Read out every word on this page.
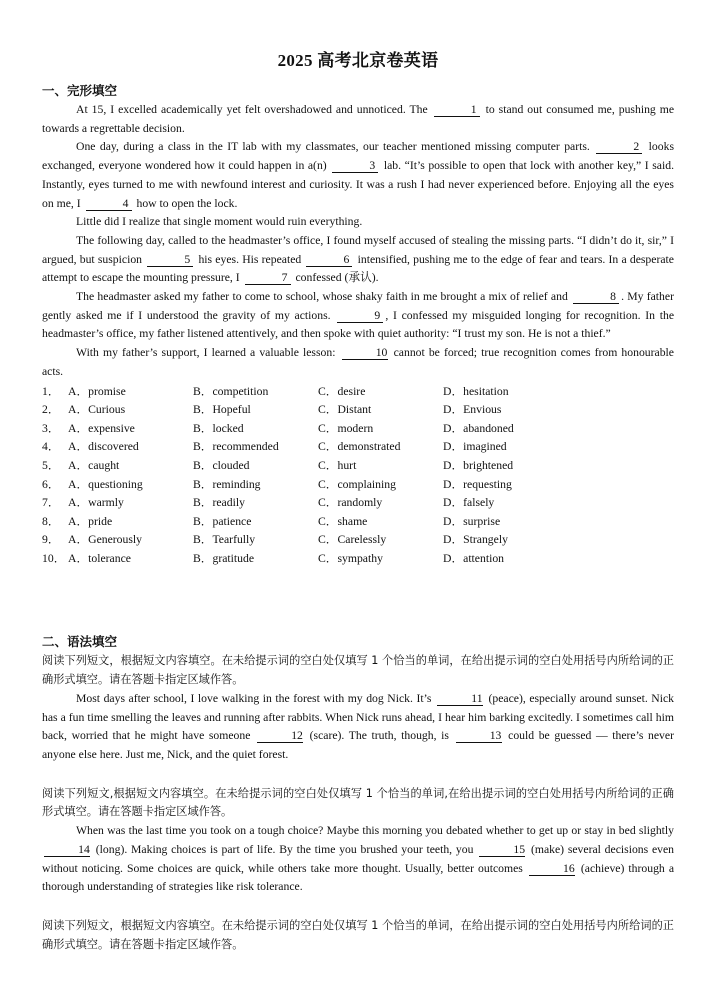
2025 高考北京卷英语
一、完形填空

At 15, I excelled academically yet felt overshadowed and unnoticed. The	1 to stand out consumed me, pushing me towards a regrettable decision.

One day, during a class in the IT lab with my classmates, our teacher mentioned missing computer parts.	2 looks exchanged, everyone wondered how it could happen in a(n)	3 lab. “It’s possible to open that lock with another key,” I said. Instantly, eyes turned to me with newfound interest and curiosity. It was a rush I had never experienced before. Enjoying all the eyes on me, I	4 how to open the lock.

Little did I realize that single moment would ruin everything.

The following day, called to the headmaster’s office, I found myself accused of stealing the missing parts. “I didn’t do it, sir,” I argued, but suspicion	5 his eyes. His repeated	6 intensified, pushing me to the edge of fear and tears. In a desperate attempt to escape the mounting pressure, I	7 confessed (承认).

The headmaster asked my father to come to school, whose shaky faith in me brought a mix of relief and	8 . My father gently asked me if I understood the gravity of my actions.	9 , I confessed my misguided longing for recognition. In the headmaster’s office, my father listened attentively, and then spoke with quiet authority: “I trust my son. He is not a thief.”

With my father’s support, I learned a valuable lesson:	10 cannot be forced; true recognition comes from honourable acts.

1． A．promise	B．competition	C．desire	D．hesitation
2． A．Curious	B．Hopeful	C．Distant	D．Envious
3． A．expensive	B．locked	C．modern	D．abandoned
4． A．discovered	B．recommended	C．demonstrated	D．imagined
5． A．caught	B．clouded	C．hurt	D．brightened
6． A．questioning	B．reminding	C．complaining	D．requesting
7． A．warmly	B．readily	C．randomly	D．falsely
8． A．pride	B．patience	C．shame	D．surprise
9． A．Generously	B．Tearfully	C．Carelessly	D．Strangely
10． A．tolerance	B．gratitude	C．sympathy	D．attention
二、语法填空

阅读下列短文，根据短文内容填空。在未给提示词的空白处仅填写 1 个恰当的单词，在给出提示词的空白处用括号内所给词的正确形式填空。请在答题卡指定区域作答。

Most days after school, I love walking in the forest with my dog Nick. It’s	11 (peace), especially around sunset. Nick has a fun time smelling the leaves and running after rabbits. When Nick runs ahead, I hear him barking excitedly. I sometimes call him back, worried that he might have someone	12 (scare). The truth, though, is	13 could be guessed — there’s never anyone else here. Just me, Nick, and the quiet forest.

阅读下列短文,根据短文内容填空。在未给提示词的空白处仅填写 1 个恰当的单词,在给出提示词的空白处用括号内所给词的正确形式填空。请在答题卡指定区域作答。

When was the last time you took on a tough choice? Maybe this morning you debated whether to get up or stay in bed slightly 14 (long). Making choices is part of life. By the time you brushed your teeth, you	15 (make) several decisions even without noticing. Some choices are quick, while others take more thought. Usually, better outcomes	16 (achieve) through a thorough understanding of strategies like risk tolerance.

阅读下列短文，根据短文内容填空。在未给提示词的空白处仅填写 1 个恰当的单词，在给出提示词的空白处用括号内所给词的正确形式填空。请在答题卡指定区域作答。
